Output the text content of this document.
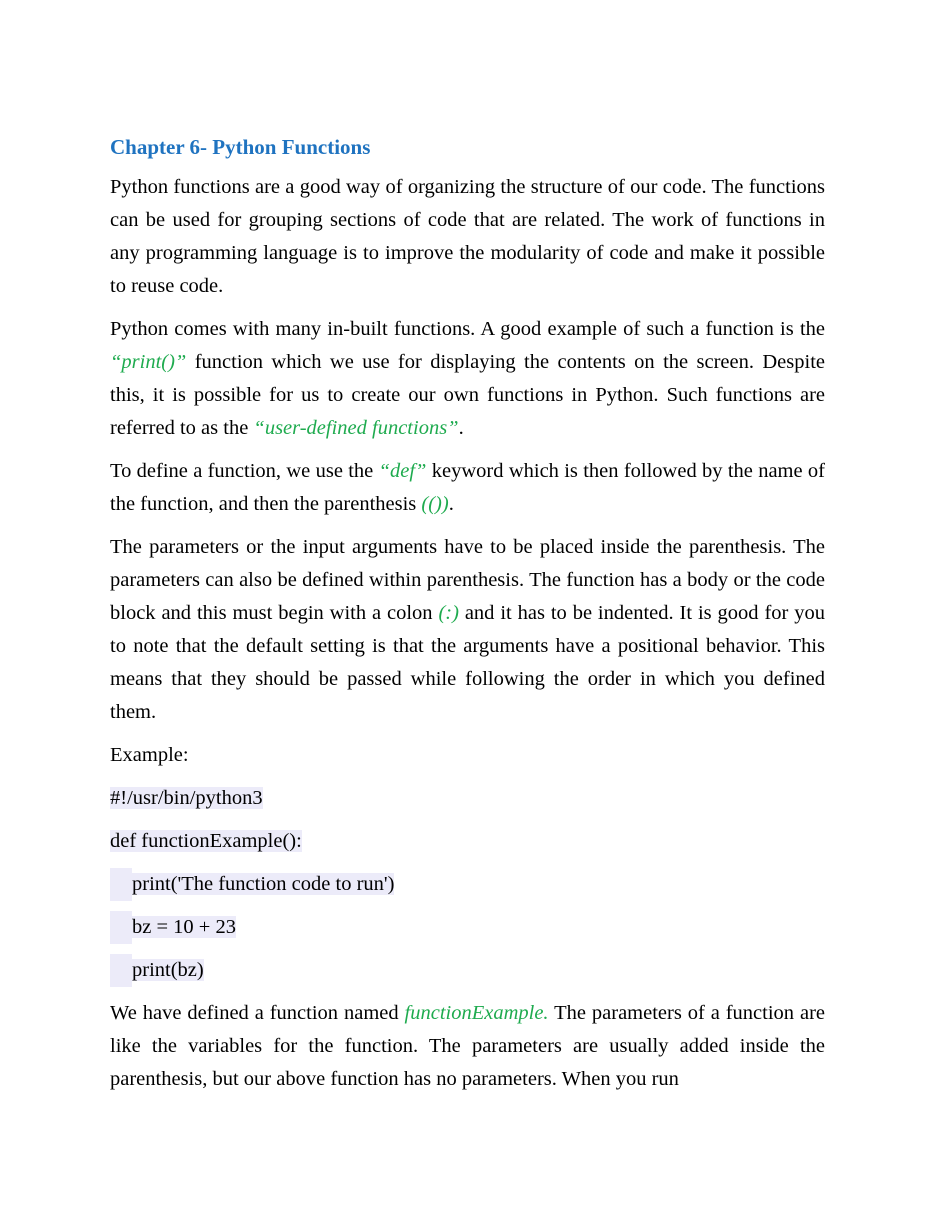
Chapter 6- Python Functions

Python functions are a good way of organizing the structure of our code. The functions can be used for grouping sections of code that are related. The work of functions in any programming language is to improve the modularity of code and make it possible to reuse code.

Python comes with many in-built functions. A good example of such a function is the “print()” function which we use for displaying the contents on the screen. Despite this, it is possible for us to create our own functions in Python. Such functions are referred to as the “user-defined functions”.

To define a function, we use the “def” keyword which is then followed by the name of the function, and then the parenthesis (()).

The parameters or the input arguments have to be placed inside the parenthesis. The parameters can also be defined within parenthesis. The function has a body or the code block and this must begin with a colon (:) and it has to be indented. It is good for you to note that the default setting is that the arguments have a positional behavior. This means that they should be passed while following the order in which you defined them.

Example:
#!/usr/bin/python3
def functionExample():
print('The function code to run')
bz = 10 + 23
print(bz)

We have defined a function named functionExample. The parameters of a function are like the variables for the function. The parameters are usually added inside the parenthesis, but our above function has no parameters. When you run
